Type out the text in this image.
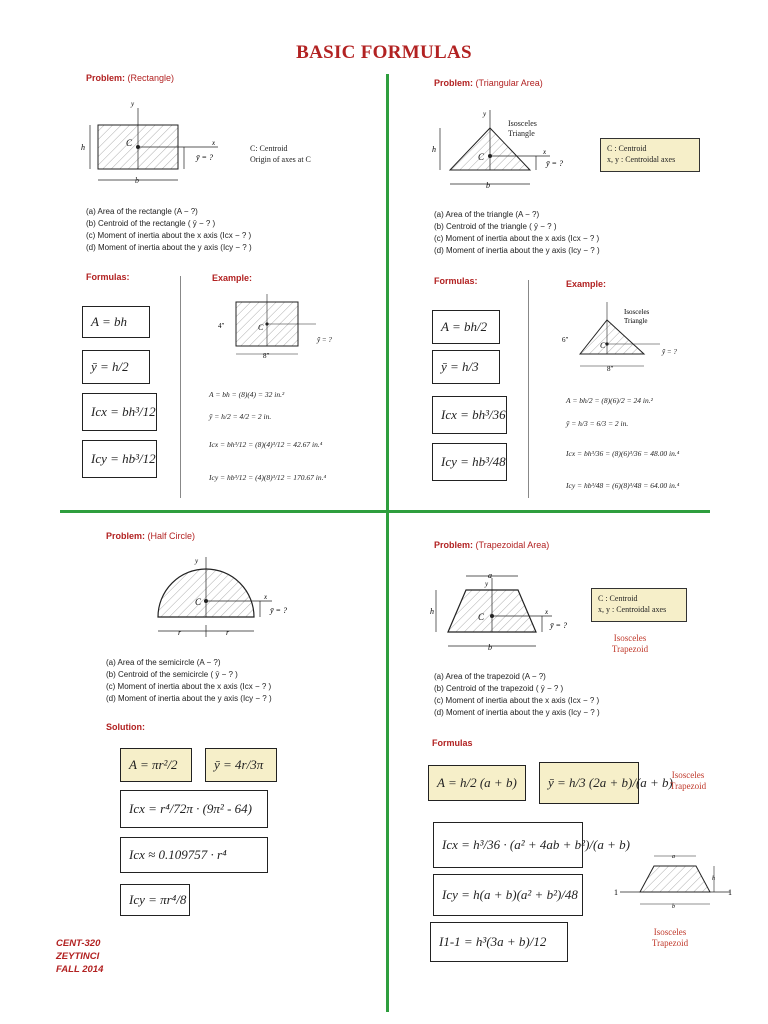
BASIC FORMULAS
Problem: (Rectangle)
y
x
C
h
b
ȳ = ?
C: Centroid
Origin of axes at C
(a) Area of the rectangle (A − ?)
(b) Centroid of the rectangle ( ȳ − ? )
(c) Moment of inertia about the x axis (Icx − ? )
(d) Moment of inertia about the y axis (Icy − ? )
Formulas:	Example:
A = bh
ȳ = h/2
Icx = bh³/12
Icy = hb³/12
C
4″
8″
ȳ = ?
A = bh = (8)(4) = 32 in.²
ȳ = h/2 = 4/2 = 2 in.
Icx = bh³/12 = (8)(4)³/12 = 42.67 in.⁴
Icy = hb³/12 = (4)(8)³/12 = 170.67 in.⁴
Problem: (Triangular Area)
y
x
C
h
b
ȳ = ?
Isosceles Triangle
C : Centroid
x, y : Centroidal axes
(a) Area of the triangle (A − ?)
(b) Centroid of the triangle ( ȳ − ? )
(c) Moment of inertia about the x axis (Icx − ? )
(d) Moment of inertia about the y axis (Icy − ? )
Formulas:	Example:
A = bh/2
ȳ = h/3
Icx = bh³/36
Icy = hb³/48
C
6″
8″
ȳ = ?
Isosceles
Triangle
A = bh/2 = (8)(6)/2 = 24 in.²
ȳ = h/3 = 6/3 = 2 in.
Icx = bh³/36 = (8)(6)³/36 = 48.00 in.⁴
Icy = hb³/48 = (6)(8)³/48 = 64.00 in.⁴
Problem: (Half Circle)
y
x
C
ȳ = ?
r	r
(a) Area of the semicircle (A − ?)
(b) Centroid of the semicircle ( ȳ − ? )
(c) Moment of inertia about the x axis (Icx − ? )
(d) Moment of inertia about the y axis (Icy − ? )
Solution:
A = πr²/2	ȳ = 4r/3π
Icx = r⁴/72π · (9π² - 64)
Icx ≈ 0.109757 · r⁴
Icy = πr⁴/8
Problem: (Trapezoidal Area)
y
x
C
a
h
b
ȳ = ?
C : Centroid
x, y : Centroidal axes
Isosceles Trapezoid
(a) Area of the trapezoid (A − ?)
(b) Centroid of the trapezoid ( ȳ − ? )
(c) Moment of inertia about the x axis (Icx − ? )
(d) Moment of inertia about the y axis (Icy − ? )
Formulas
A = h/2 (a + b)	ȳ = h/3 (2a + b)/(a + b)
Isosceles Trapezoid
Icx = h³/36 · (a² + 4ab + b²)/(a + b)
Icy = h(a + b)(a² + b²)/48
I1-1 = h³(3a + b)/12
a
1	1
h
b
Isosceles Trapezoid
CENT-320
ZEYTINCI
FALL 2014
